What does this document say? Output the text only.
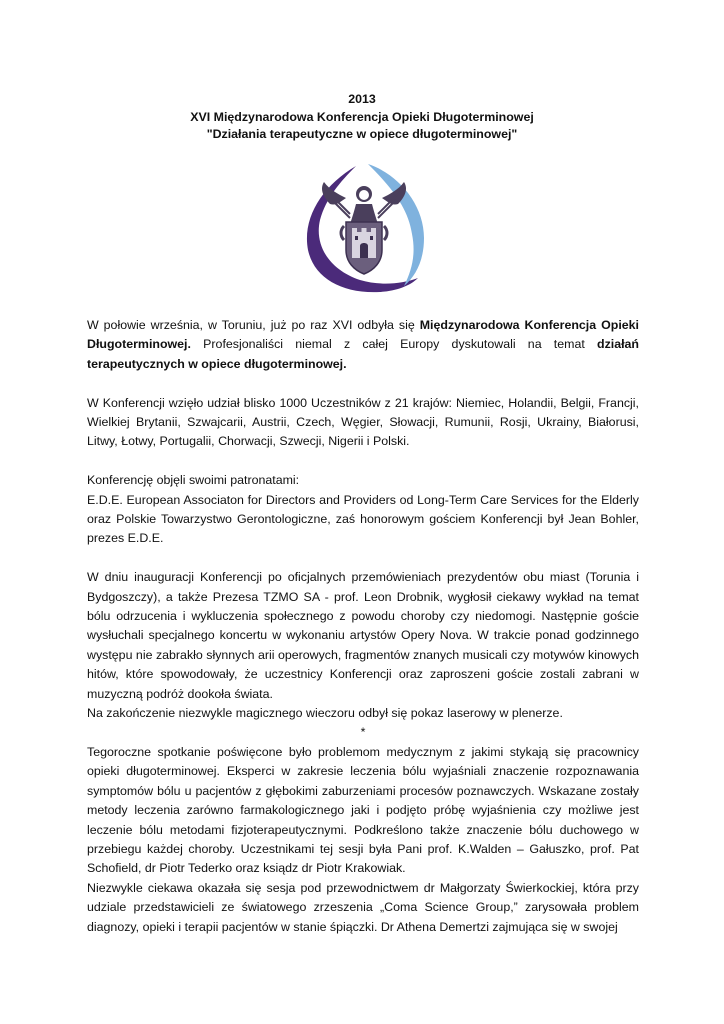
2013
XVI Międzynarodowa Konferencja Opieki Długoterminowej
"Działania terapeutyczne w opiece długoterminowej"

W połowie września, w Toruniu, już po raz XVI odbyła się Międzynarodowa Konferencja Opieki Długoterminowej. Profesjonaliści niemal z całej Europy dyskutowali na temat działań terapeutycznych w opiece długoterminowej.

W Konferencji wzięło udział blisko 1000 Uczestników z 21 krajów: Niemiec, Holandii, Belgii, Francji, Wielkiej Brytanii, Szwajcarii, Austrii, Czech, Węgier, Słowacji, Rumunii, Rosji, Ukrainy, Białorusi, Litwy, Łotwy, Portugalii, Chorwacji, Szwecji, Nigerii i Polski.

Konferencję objęli swoimi patronatami:

E.D.E. European Associaton for Directors and Providers od Long-Term Care Services for the Elderly oraz Polskie Towarzystwo Gerontologiczne, zaś honorowym gościem Konferencji był Jean Bohler, prezes E.D.E.

W dniu inauguracji Konferencji po oficjalnych przemówieniach prezydentów obu miast (Torunia i Bydgoszczy), a także Prezesa TZMO SA - prof. Leon Drobnik, wygłosił ciekawy wykład na temat bólu odrzucenia i wykluczenia społecznego z powodu choroby czy niedomogi. Następnie goście wysłuchali specjalnego koncertu w wykonaniu artystów Opery Nova. W trakcie ponad godzinnego występu nie zabrakło słynnych arii operowych, fragmentów znanych musicali czy motywów kinowych hitów, które spowodowały, że uczestnicy Konferencji oraz zaproszeni goście zostali zabrani w muzyczną podróż dookoła świata.

Na zakończenie niezwykle magicznego wieczoru odbył się pokaz laserowy w plenerze.

*

Tegoroczne spotkanie poświęcone było problemom medycznym z jakimi stykają się pracownicy opieki długoterminowej. Eksperci w zakresie leczenia bólu wyjaśniali znaczenie rozpoznawania symptomów bólu u pacjentów z głębokimi zaburzeniami procesów poznawczych. Wskazane zostały metody leczenia zarówno farmakologicznego jaki i podjęto próbę wyjaśnienia czy możliwe jest leczenie bólu metodami fizjoterapeutycznymi. Podkreślono także znaczenie bólu duchowego w przebiegu każdej choroby. Uczestnikami tej sesji była Pani prof. K.Walden – Gałuszko, prof. Pat Schofield, dr Piotr Tederko oraz ksiądz dr Piotr Krakowiak.

Niezwykle ciekawa okazała się sesja pod przewodnictwem dr Małgorzaty Świerkockiej, która przy udziale przedstawicieli ze światowego zrzeszenia „Coma Science Group,” zarysowała problem diagnozy, opieki i terapii pacjentów w stanie śpiączki. Dr Athena Demertzi zajmująca się w swojej
